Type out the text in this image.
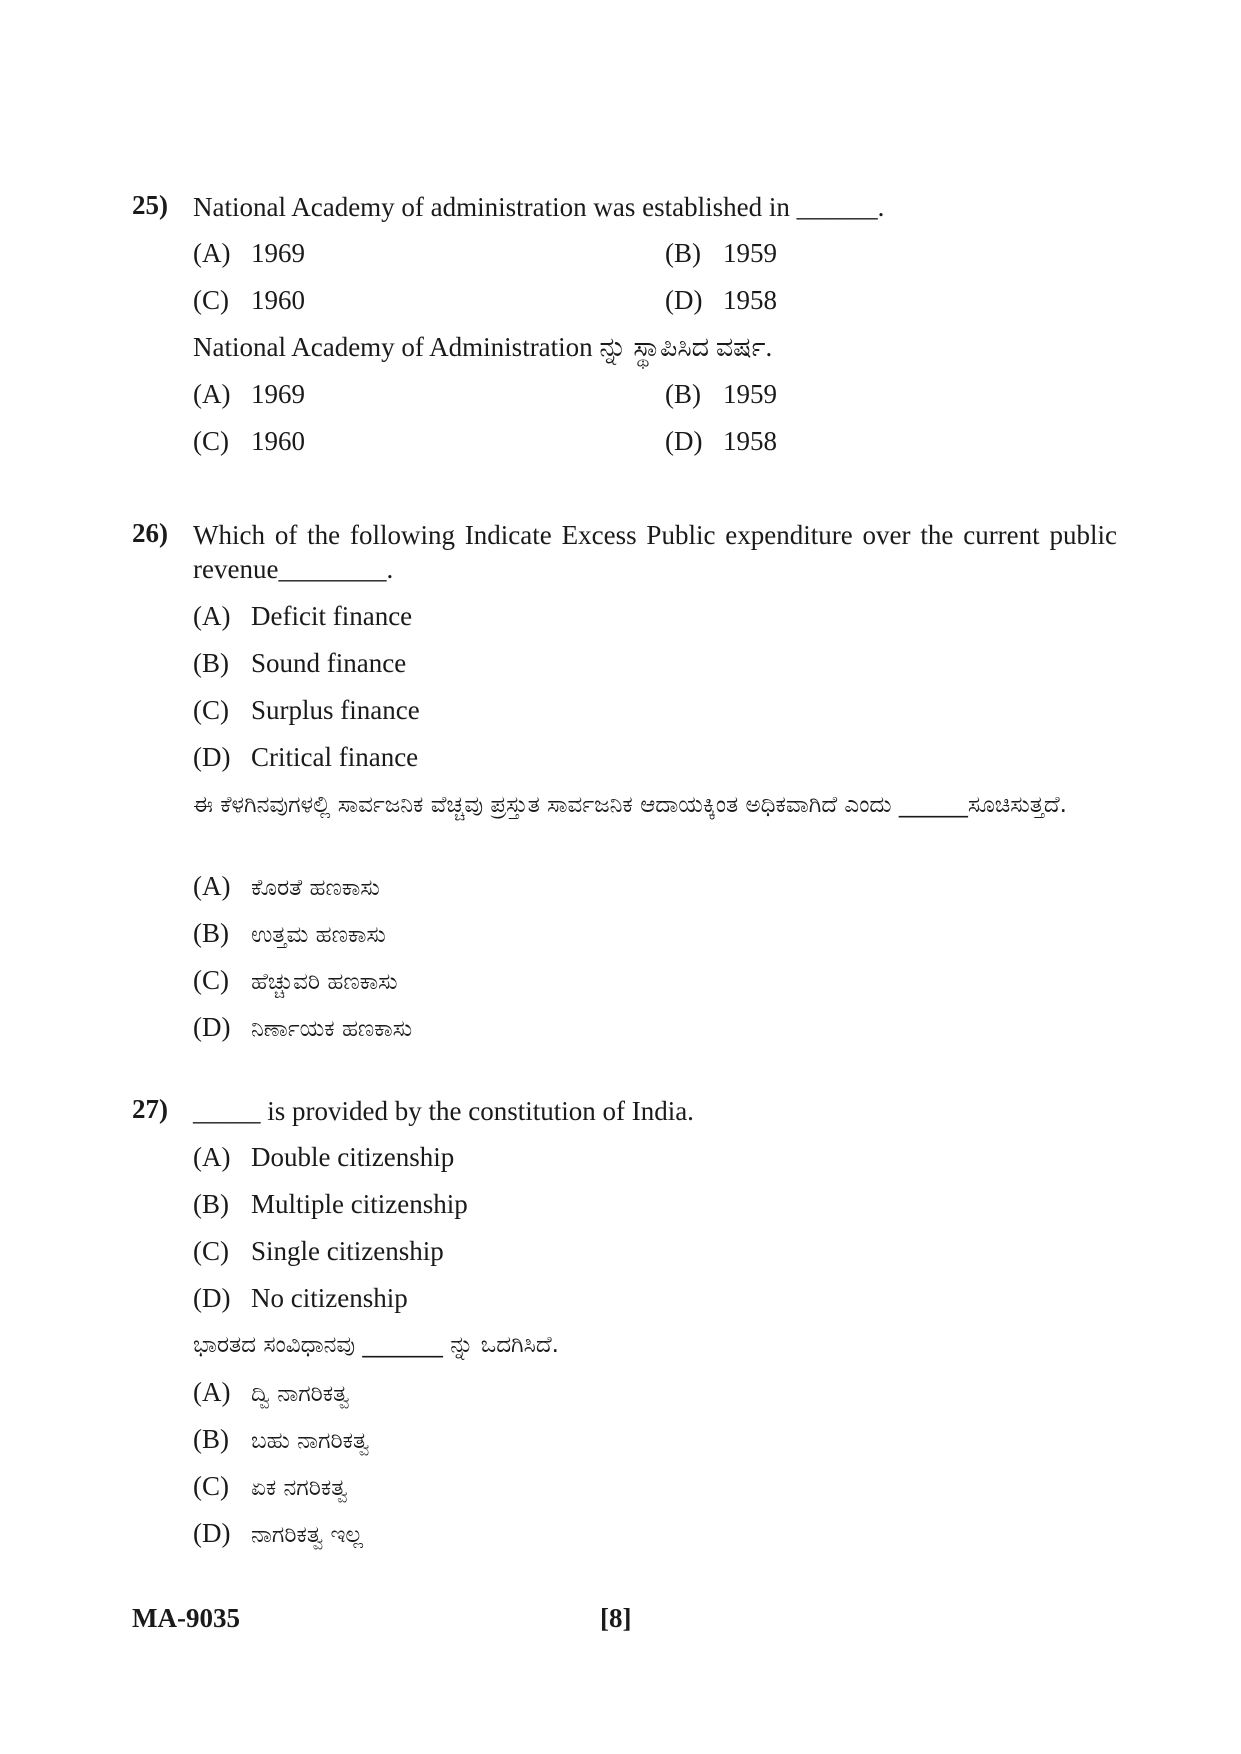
25) National Academy of administration was established in ______.
(A) 1969	(B) 1959
(C) 1960	(D) 1958
National Academy of Administration ನ್ನು ಸ್ಥಾಪಿಸಿದ ವರ್ಷ.
(A) 1969	(B) 1959
(C) 1960	(D) 1958
26) Which of the following Indicate Excess Public expenditure over the current public revenue________.
(A) Deficit finance
(B) Sound finance
(C) Surplus finance
(D) Critical finance
ಈ ಕೆಳಗಿನವುಗಳಲ್ಲಿ ಸಾರ್ವಜನಿಕ ವೆಚ್ಚವು ಪ್ರಸ್ತುತ ಸಾರ್ವಜನಿಕ ಆದಾಯಕ್ಕಿಂತ ಅಧಿಕವಾಗಿದೆ ಎಂದು ______ಸೂಚಿಸುತ್ತದೆ.
(A) ಕೊರತೆ ಹಣಕಾಸು
(B) ಉತ್ತಮ ಹಣಕಾಸು
(C) ಹೆಚ್ಚುವರಿ ಹಣಕಾಸು
(D) ನಿರ್ಣಾಯಕ ಹಣಕಾಸು
27) _____ is provided by the constitution of India.
(A) Double citizenship
(B) Multiple citizenship
(C) Single citizenship
(D) No citizenship
ಭಾರತದ ಸಂವಿಧಾನವು _______ ನ್ನು ಒದಗಿಸಿದೆ.
(A) ದ್ವಿ ನಾಗರಿಕತ್ವ
(B) ಬಹು ನಾಗರಿಕತ್ವ
(C) ಏಕ ನಗರಿಕತ್ವ
(D) ನಾಗರಿಕತ್ವ ಇಲ್ಲ
MA-9035	[8]
